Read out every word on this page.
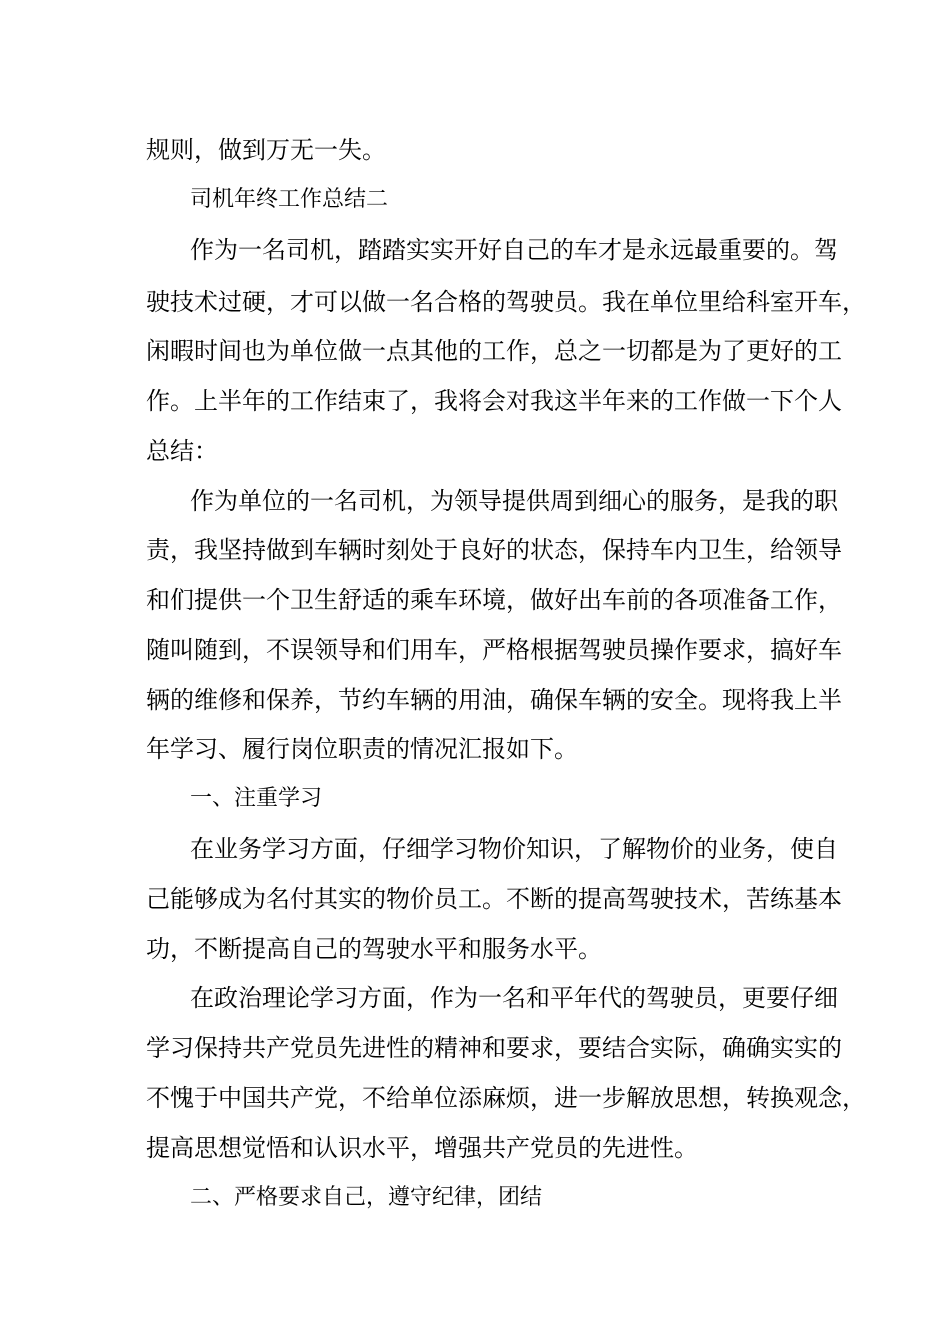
规则，做到万无一失。
司机年终工作总结二
作为一名司机，踏踏实实开好自己的车才是永远最重要的。驾
驶技术过硬，才可以做一名合格的驾驶员。我在单位里给科室开车，
闲暇时间也为单位做一点其他的工作，总之一切都是为了更好的工
作。上半年的工作结束了，我将会对我这半年来的工作做一下个人
总结：
作为单位的一名司机，为领导提供周到细心的服务，是我的职
责，我坚持做到车辆时刻处于良好的状态，保持车内卫生，给领导
和们提供一个卫生舒适的乘车环境，做好出车前的各项准备工作，
随叫随到，不误领导和们用车，严格根据驾驶员操作要求，搞好车
辆的维修和保养，节约车辆的用油，确保车辆的安全。现将我上半
年学习、履行岗位职责的情况汇报如下。
一、注重学习
在业务学习方面，仔细学习物价知识，了解物价的业务，使自
己能够成为名付其实的物价员工。不断的提高驾驶技术，苦练基本
功，不断提高自己的驾驶水平和服务水平。
在政治理论学习方面，作为一名和平年代的驾驶员，更要仔细
学习保持共产党员先进性的精神和要求，要结合实际，确确实实的
不愧于中国共产党，不给单位添麻烦，进一步解放思想，转换观念，
提高思想觉悟和认识水平，增强共产党员的先进性。
二、严格要求自己，遵守纪律，团结
